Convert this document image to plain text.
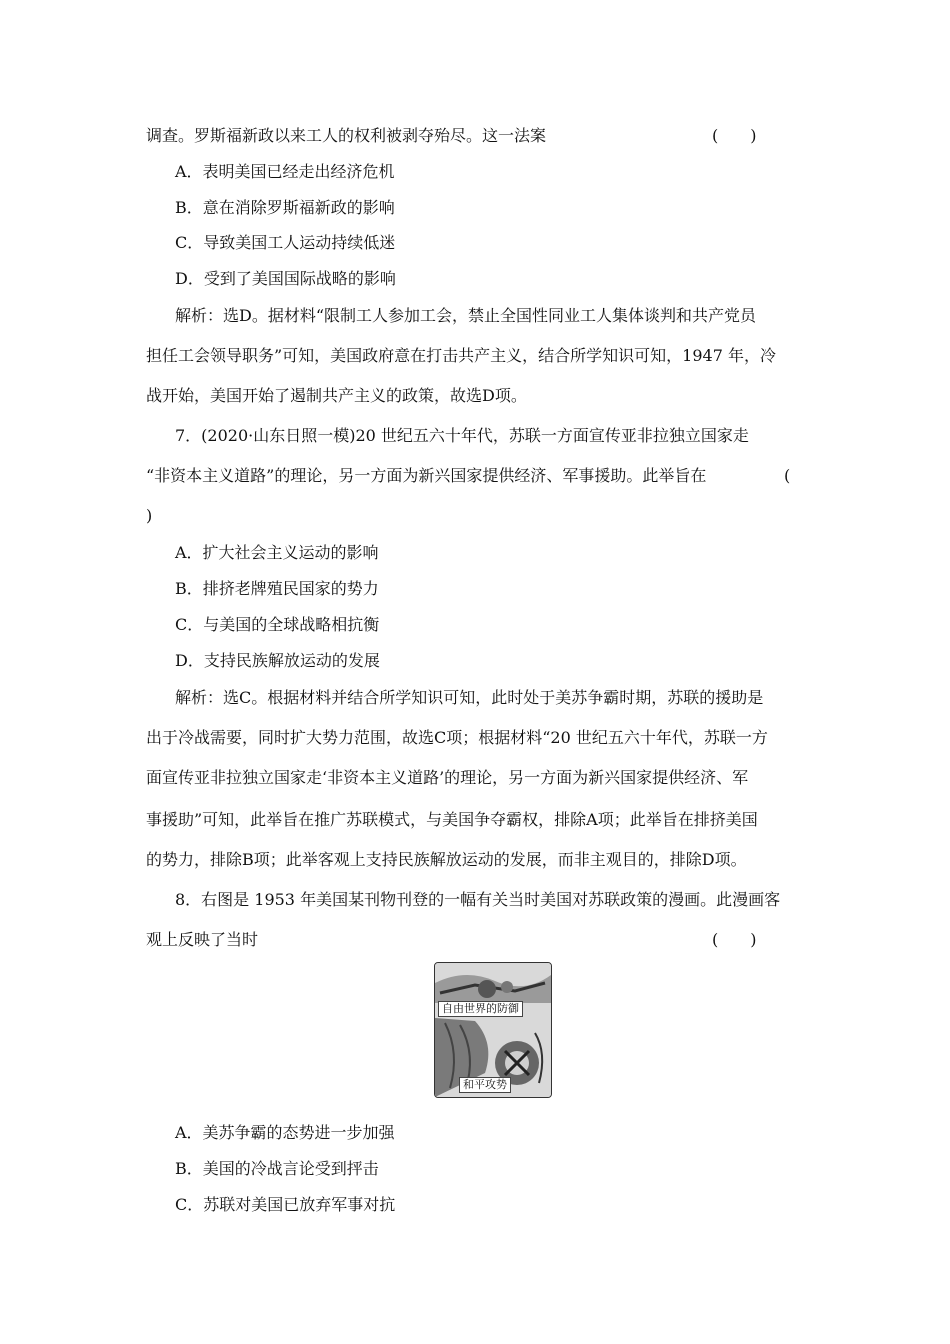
调查。罗斯福新政以来工人的权利被剥夺殆尽。这一法案	(　　)
A．表明美国已经走出经济危机
B．意在消除罗斯福新政的影响
C．导致美国工人运动持续低迷
D．受到了美国国际战略的影响
解析：选D。据材料“限制工人参加工会，禁止全国性同业工人集体谈判和共产党员
担任工会领导职务”可知，美国政府意在打击共产主义，结合所学知识可知，1947 年，冷
战开始，美国开始了遏制共产主义的政策，故选D项。
7．(2020·山东日照一模)20 世纪五六十年代，苏联一方面宣传亚非拉独立国家走
“非资本主义道路”的理论，另一方面为新兴国家提供经济、军事援助。此举旨在	(
)
A．扩大社会主义运动的影响
B．排挤老牌殖民国家的势力
C．与美国的全球战略相抗衡
D．支持民族解放运动的发展
解析：选C。根据材料并结合所学知识可知，此时处于美苏争霸时期，苏联的援助是
出于冷战需要，同时扩大势力范围，故选C项；根据材料“20 世纪五六十年代，苏联一方
面宣传亚非拉独立国家走‘非资本主义道路’的理论，另一方面为新兴国家提供经济、军
事援助”可知，此举旨在推广苏联模式，与美国争夺霸权，排除A项；此举旨在排挤美国
的势力，排除B项；此举客观上支持民族解放运动的发展，而非主观目的，排除D项。
8．右图是 1953 年美国某刊物刊登的一幅有关当时美国对苏联政策的漫画。此漫画客
观上反映了当时	(　　)
自由世界的防御
和平攻势
A．美苏争霸的态势进一步加强
B．美国的冷战言论受到抨击
C．苏联对美国已放弃军事对抗
